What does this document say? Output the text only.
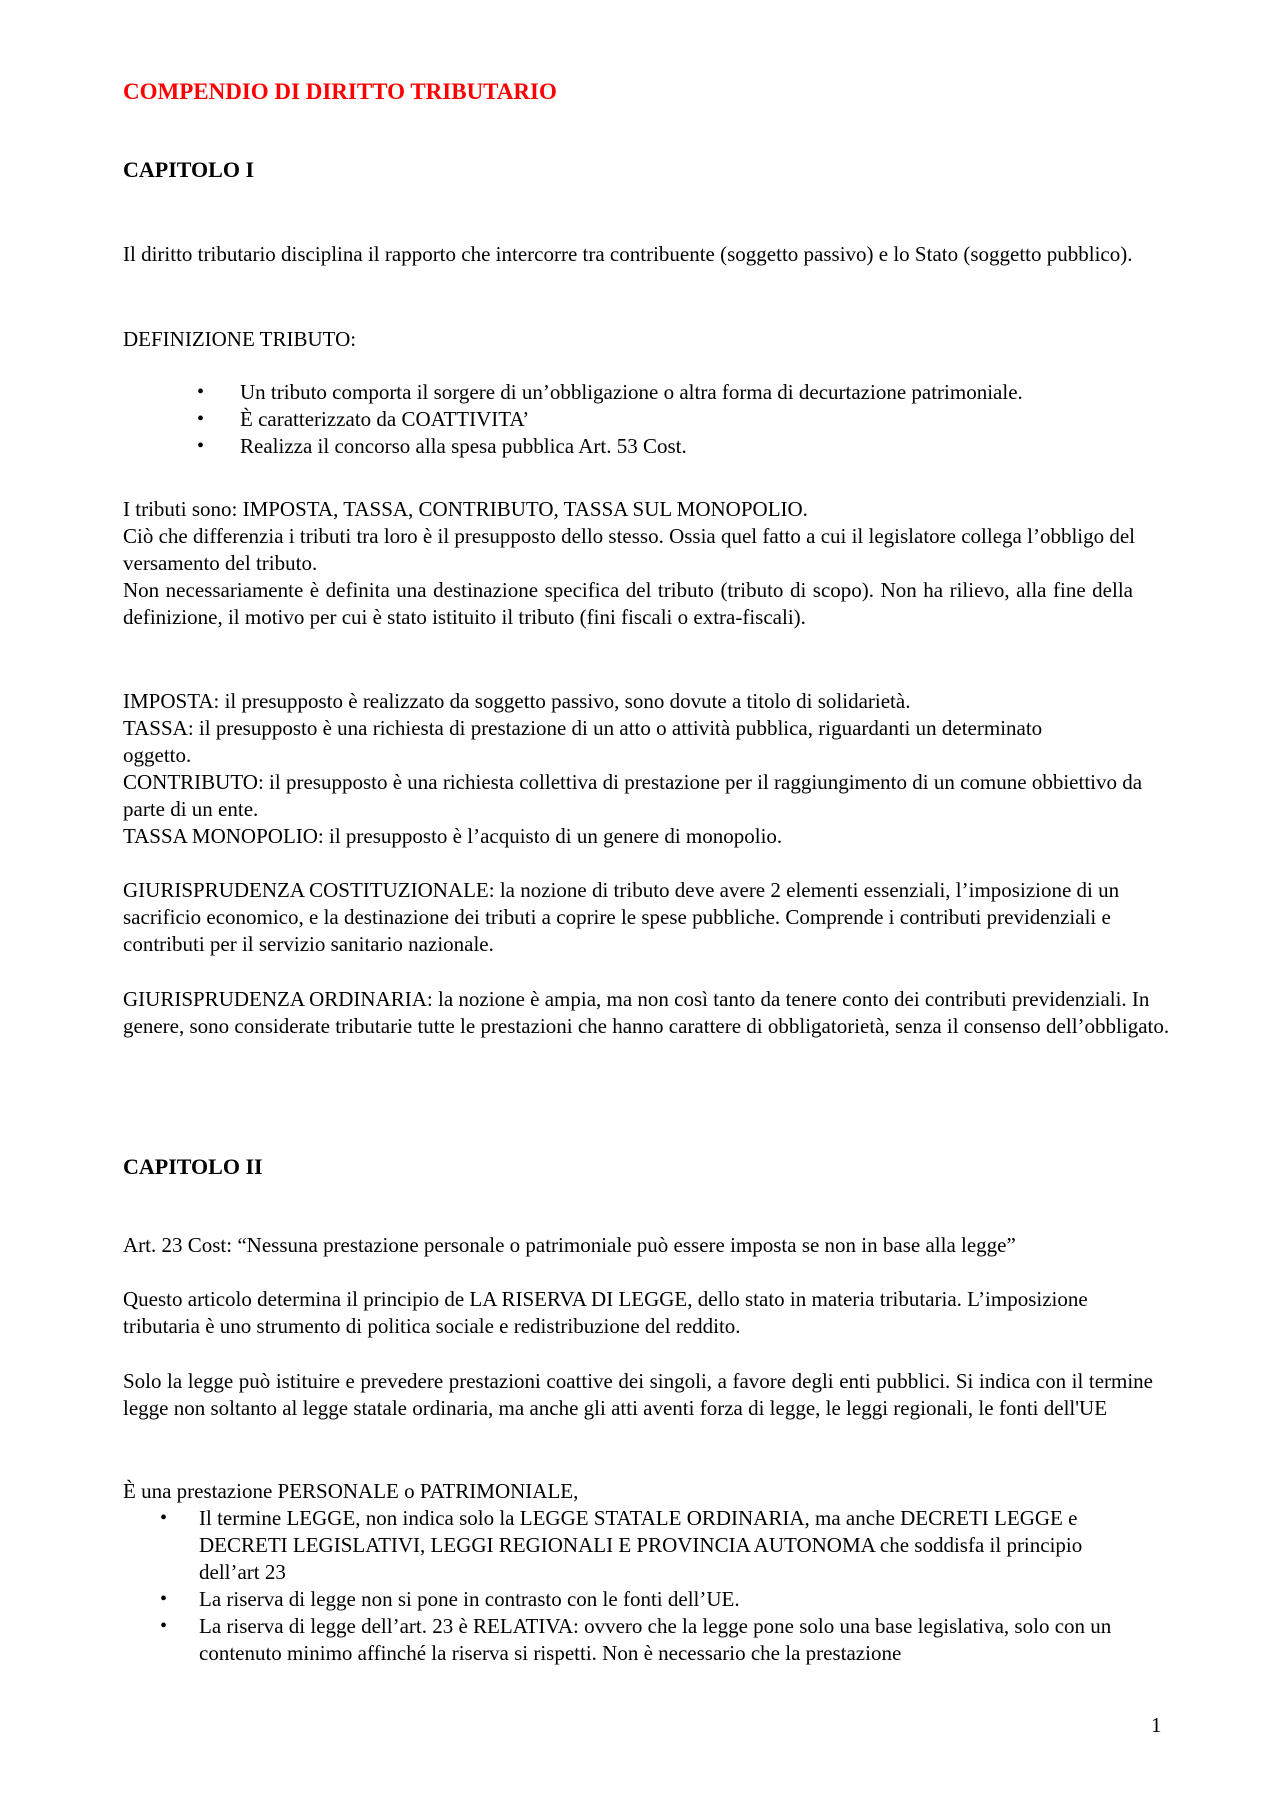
COMPENDIO DI DIRITTO TRIBUTARIO
CAPITOLO I

Il diritto tributario disciplina il rapporto che intercorre tra contribuente (soggetto passivo) e lo Stato (soggetto pubblico).

DEFINIZIONE TRIBUTO:

• Un tributo comporta il sorgere di un’obbligazione o altra forma di decurtazione patrimoniale.
• È caratterizzato da COATTIVITA’
• Realizza il concorso alla spesa pubblica Art. 53 Cost.

I tributi sono: IMPOSTA, TASSA, CONTRIBUTO, TASSA SUL MONOPOLIO.

Ciò che differenzia i tributi tra loro è il presupposto dello stesso. Ossia quel fatto a cui il legislatore collega l’obbligo del versamento del tributo.

Non necessariamente è definita una destinazione specifica del tributo (tributo di scopo). Non ha rilievo, alla fine della definizione, il motivo per cui è stato istituito il tributo (fini fiscali o extra-fiscali).

IMPOSTA: il presupposto è realizzato da soggetto passivo, sono dovute a titolo di solidarietà.

TASSA: il presupposto è una richiesta di prestazione di un atto o attività pubblica, riguardanti un determinato oggetto.

CONTRIBUTO: il presupposto è una richiesta collettiva di prestazione per il raggiungimento di un comune obbiettivo da parte di un ente.

TASSA MONOPOLIO: il presupposto è l’acquisto di un genere di monopolio.

GIURISPRUDENZA COSTITUZIONALE: la nozione di tributo deve avere 2 elementi essenziali, l’imposizione di un sacrificio economico, e la destinazione dei tributi a coprire le spese pubbliche. Comprende i contributi previdenziali e contributi per il servizio sanitario nazionale.

GIURISPRUDENZA ORDINARIA: la nozione è ampia, ma non così tanto da tenere conto dei contributi previdenziali. In genere, sono considerate tributarie tutte le prestazioni che hanno carattere di obbligatorietà, senza il consenso dell’obbligato.

CAPITOLO II

Art. 23 Cost: “Nessuna prestazione personale o patrimoniale può essere imposta se non in base alla legge”

Questo articolo determina il principio de LA RISERVA DI LEGGE, dello stato in materia tributaria. L’imposizione tributaria è uno strumento di politica sociale e redistribuzione del reddito.

Solo la legge può istituire e prevedere prestazioni coattive dei singoli, a favore degli enti pubblici. Si indica con il termine legge non soltanto al legge statale ordinaria, ma anche gli atti aventi forza di legge, le leggi regionali, le fonti dell'UE

È una prestazione PERSONALE o PATRIMONIALE,

• Il termine LEGGE, non indica solo la LEGGE STATALE ORDINARIA, ma anche DECRETI LEGGE e DECRETI LEGISLATIVI, LEGGI REGIONALI E PROVINCIA AUTONOMA che soddisfa il principio dell’art 23
• La riserva di legge non si pone in contrasto con le fonti dell’UE.
• La riserva di legge dell’art. 23 è RELATIVA: ovvero che la legge pone solo una base legislativa, solo con un contenuto minimo affinché la riserva si rispetti. Non è necessario che la prestazione
1
